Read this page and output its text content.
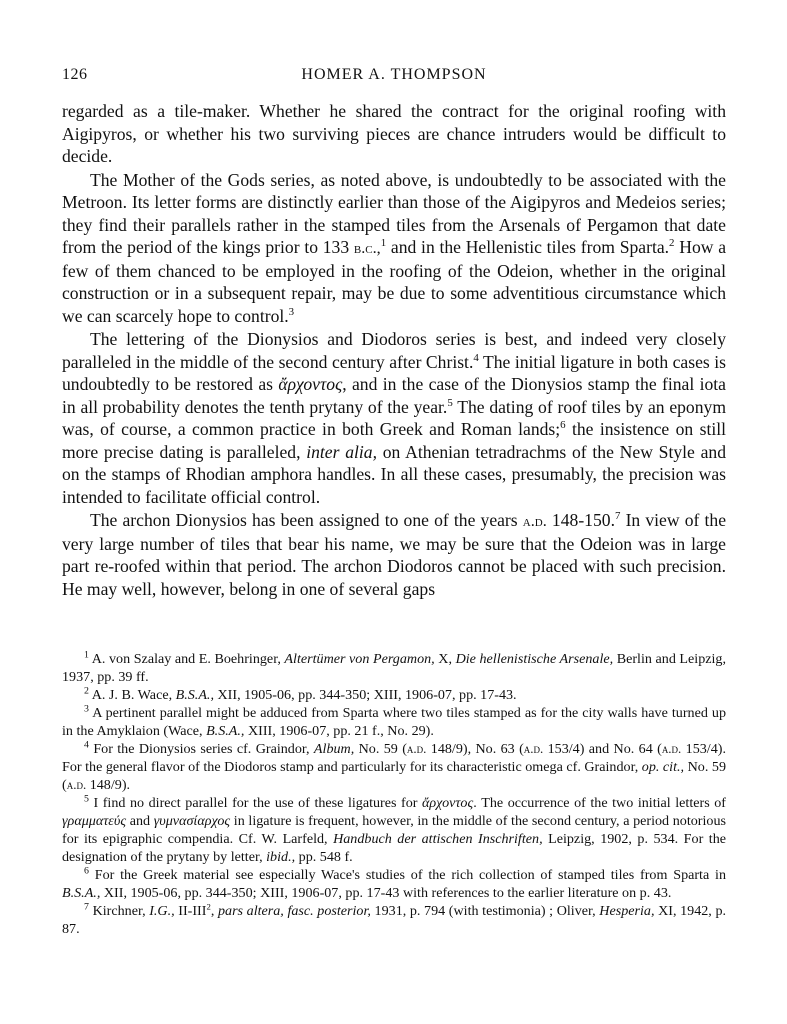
126	HOMER A. THOMPSON

regarded as a tile-maker. Whether he shared the contract for the original roofing with Aigipyros, or whether his two surviving pieces are chance intruders would be difficult to decide.

The Mother of the Gods series, as noted above, is undoubtedly to be associated with the Metroon. Its letter forms are distinctly earlier than those of the Aigipyros and Medeios series; they find their parallels rather in the stamped tiles from the Arsenals of Pergamon that date from the period of the kings prior to 133 b.c.,$^1$ and in the Hellenistic tiles from Sparta.$^2$ How a few of them chanced to be employed in the roofing of the Odeion, whether in the original construction or in a subsequent repair, may be due to some adventitious circumstance which we can scarcely hope to control.$^3$

The lettering of the Dionysios and Diodoros series is best, and indeed very closely paralleled in the middle of the second century after Christ.$^4$ The initial ligature in both cases is undoubtedly to be restored as ἄρχοντος, and in the case of the Dionysios stamp the final iota in all probability denotes the tenth prytany of the year.$^5$ The dating of roof tiles by an eponym was, of course, a common practice in both Greek and Roman lands;$^6$ the insistence on still more precise dating is paralleled, inter alia, on Athenian tetradrachms of the New Style and on the stamps of Rhodian amphora handles. In all these cases, presumably, the precision was intended to facilitate official control.

The archon Dionysios has been assigned to one of the years a.d. 148-150.$^7$ In view of the very large number of tiles that bear his name, we may be sure that the Odeion was in large part re-roofed within that period. The archon Diodoros cannot be placed with such precision. He may well, however, belong in one of several gaps

$^1$ A. von Szalay and E. Boehringer, Altertümer von Pergamon, X, Die hellenistische Arsenale, Berlin and Leipzig, 1937, pp. 39 ff.

$^2$ A. J. B. Wace, B.S.A., XII, 1905-06, pp. 344-350; XIII, 1906-07, pp. 17-43.

$^3$ A pertinent parallel might be adduced from Sparta where two tiles stamped as for the city walls have turned up in the Amyklaion (Wace, B.S.A., XIII, 1906-07, pp. 21 f., No. 29).

$^4$ For the Dionysios series cf. Graindor, Album, No. 59 (a.d. 148/9), No. 63 (a.d. 153/4) and No. 64 (a.d. 153/4). For the general flavor of the Diodoros stamp and particularly for its characteristic omega cf. Graindor, op. cit., No. 59 (a.d. 148/9).

$^5$ I find no direct parallel for the use of these ligatures for ἄρχοντος. The occurrence of the two initial letters of γραμματεύς and γυμνασίαρχος in ligature is frequent, however, in the middle of the second century, a period notorious for its epigraphic compendia. Cf. W. Larfeld, Handbuch der attischen Inschriften, Leipzig, 1902, p. 534. For the designation of the prytany by letter, ibid., pp. 548 f.

$^6$ For the Greek material see especially Wace's studies of the rich collection of stamped tiles from Sparta in B.S.A., XII, 1905-06, pp. 344-350; XIII, 1906-07, pp. 17-43 with references to the earlier literature on p. 43.

$^7$ Kirchner, I.G., II-III$^2$, pars altera, fasc. posterior, 1931, p. 794 (with testimonia) ; Oliver, Hesperia, XI, 1942, p. 87.
